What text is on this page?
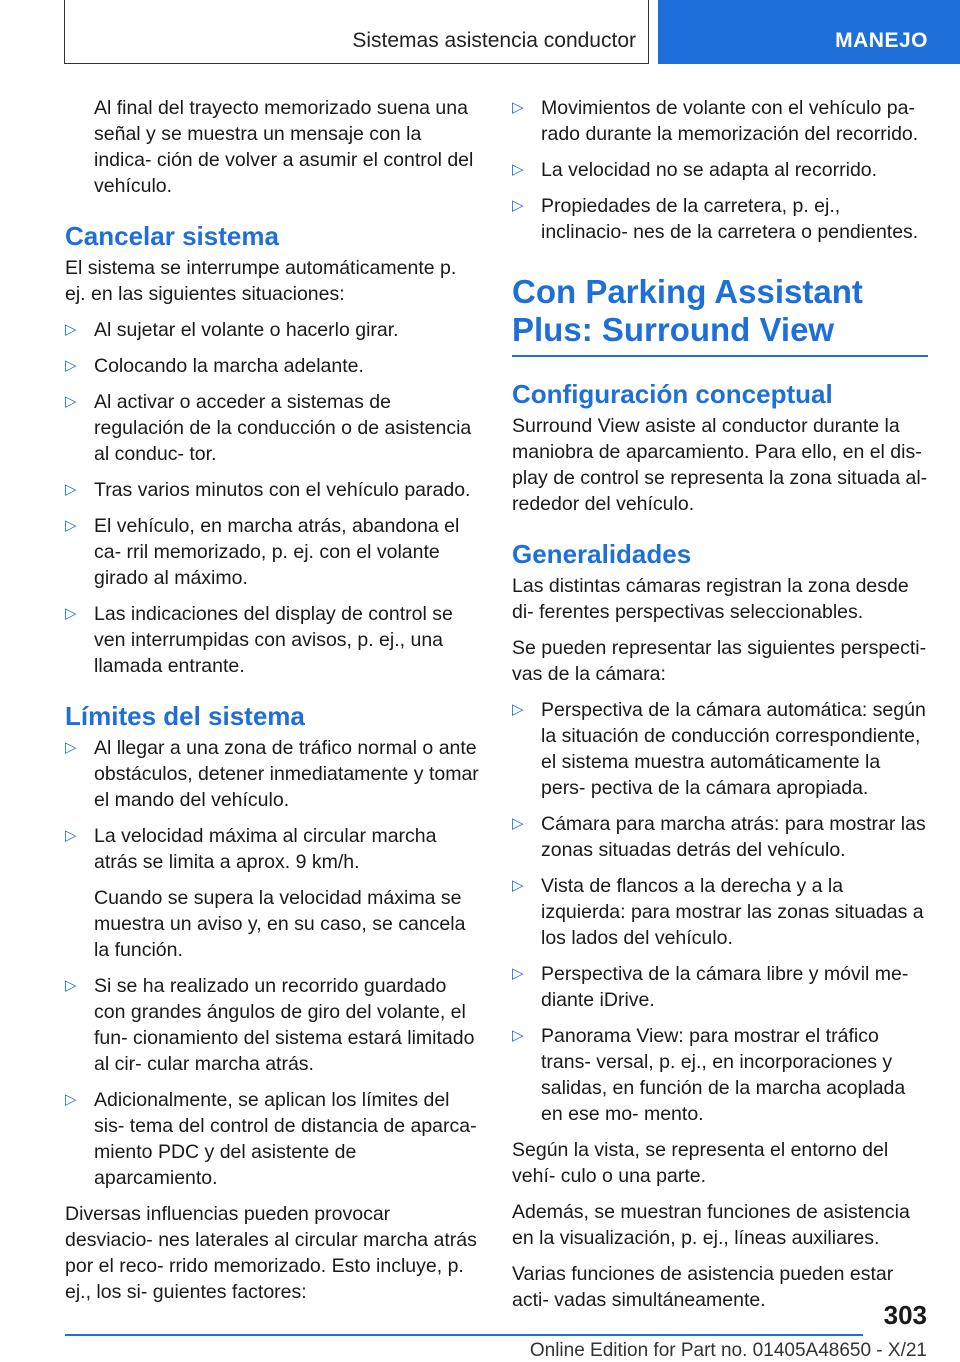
Sistemas asistencia conductor	MANEJO

Al final del trayecto memorizado suena una señal y se muestra un mensaje con la indica- ción de volver a asumir el control del vehículo.

Cancelar sistema

El sistema se interrumpe automáticamente p. ej. en las siguientes situaciones:

▷ Al sujetar el volante o hacerlo girar.

▷ Colocando la marcha adelante.

▷ Al activar o acceder a sistemas de regulación de la conducción o de asistencia al conduc- tor.

▷ Tras varios minutos con el vehículo parado.

▷ El vehículo, en marcha atrás, abandona el ca- rril memorizado, p. ej. con el volante girado al máximo.

▷ Las indicaciones del display de control se ven interrumpidas con avisos, p. ej., una llamada entrante.

Límites del sistema
▷ Al llegar a una zona de tráfico normal o ante obstáculos, detener inmediatamente y tomar el mando del vehículo.

▷ La velocidad máxima al circular marcha atrás se limita a aprox. 9 km/h.

Cuando se supera la velocidad máxima se muestra un aviso y, en su caso, se cancela la función.

▷ Si se ha realizado un recorrido guardado con grandes ángulos de giro del volante, el fun- cionamiento del sistema estará limitado al cir- cular marcha atrás.

▷ Adicionalmente, se aplican los límites del sis- tema del control de distancia de aparca- miento PDC y del asistente de aparcamiento.

Diversas influencias pueden provocar desviacio- nes laterales al circular marcha atrás por el reco- rrido memorizado. Esto incluye, p. ej., los si- guientes factores:

▷ Movimientos de volante con el vehículo pa- rado durante la memorización del recorrido.

▷ La velocidad no se adapta al recorrido.

▷ Propiedades de la carretera, p. ej., inclinacio- nes de la carretera o pendientes.

Con Parking Assistant Plus: Surround View
Configuración conceptual

Surround View asiste al conductor durante la maniobra de aparcamiento. Para ello, en el dis- play de control se representa la zona situada al- rededor del vehículo.

Generalidades

Las distintas cámaras registran la zona desde di- ferentes perspectivas seleccionables.

Se pueden representar las siguientes perspecti- vas de la cámara:

▷ Perspectiva de la cámara automática: según la situación de conducción correspondiente, el sistema muestra automáticamente la pers- pectiva de la cámara apropiada.

▷ Cámara para marcha atrás: para mostrar las zonas situadas detrás del vehículo.

▷ Vista de flancos a la derecha y a la izquierda: para mostrar las zonas situadas a los lados del vehículo.

▷ Perspectiva de la cámara libre y móvil me- diante iDrive.

▷ Panorama View: para mostrar el tráfico trans- versal, p. ej., en incorporaciones y salidas, en función de la marcha acoplada en ese mo- mento.

Según la vista, se representa el entorno del vehí- culo o una parte.

Además, se muestran funciones de asistencia en la visualización, p. ej., líneas auxiliares.

Varias funciones de asistencia pueden estar acti- vadas simultáneamente.	303
Online Edition for Part no. 01405A48650 - X/21
